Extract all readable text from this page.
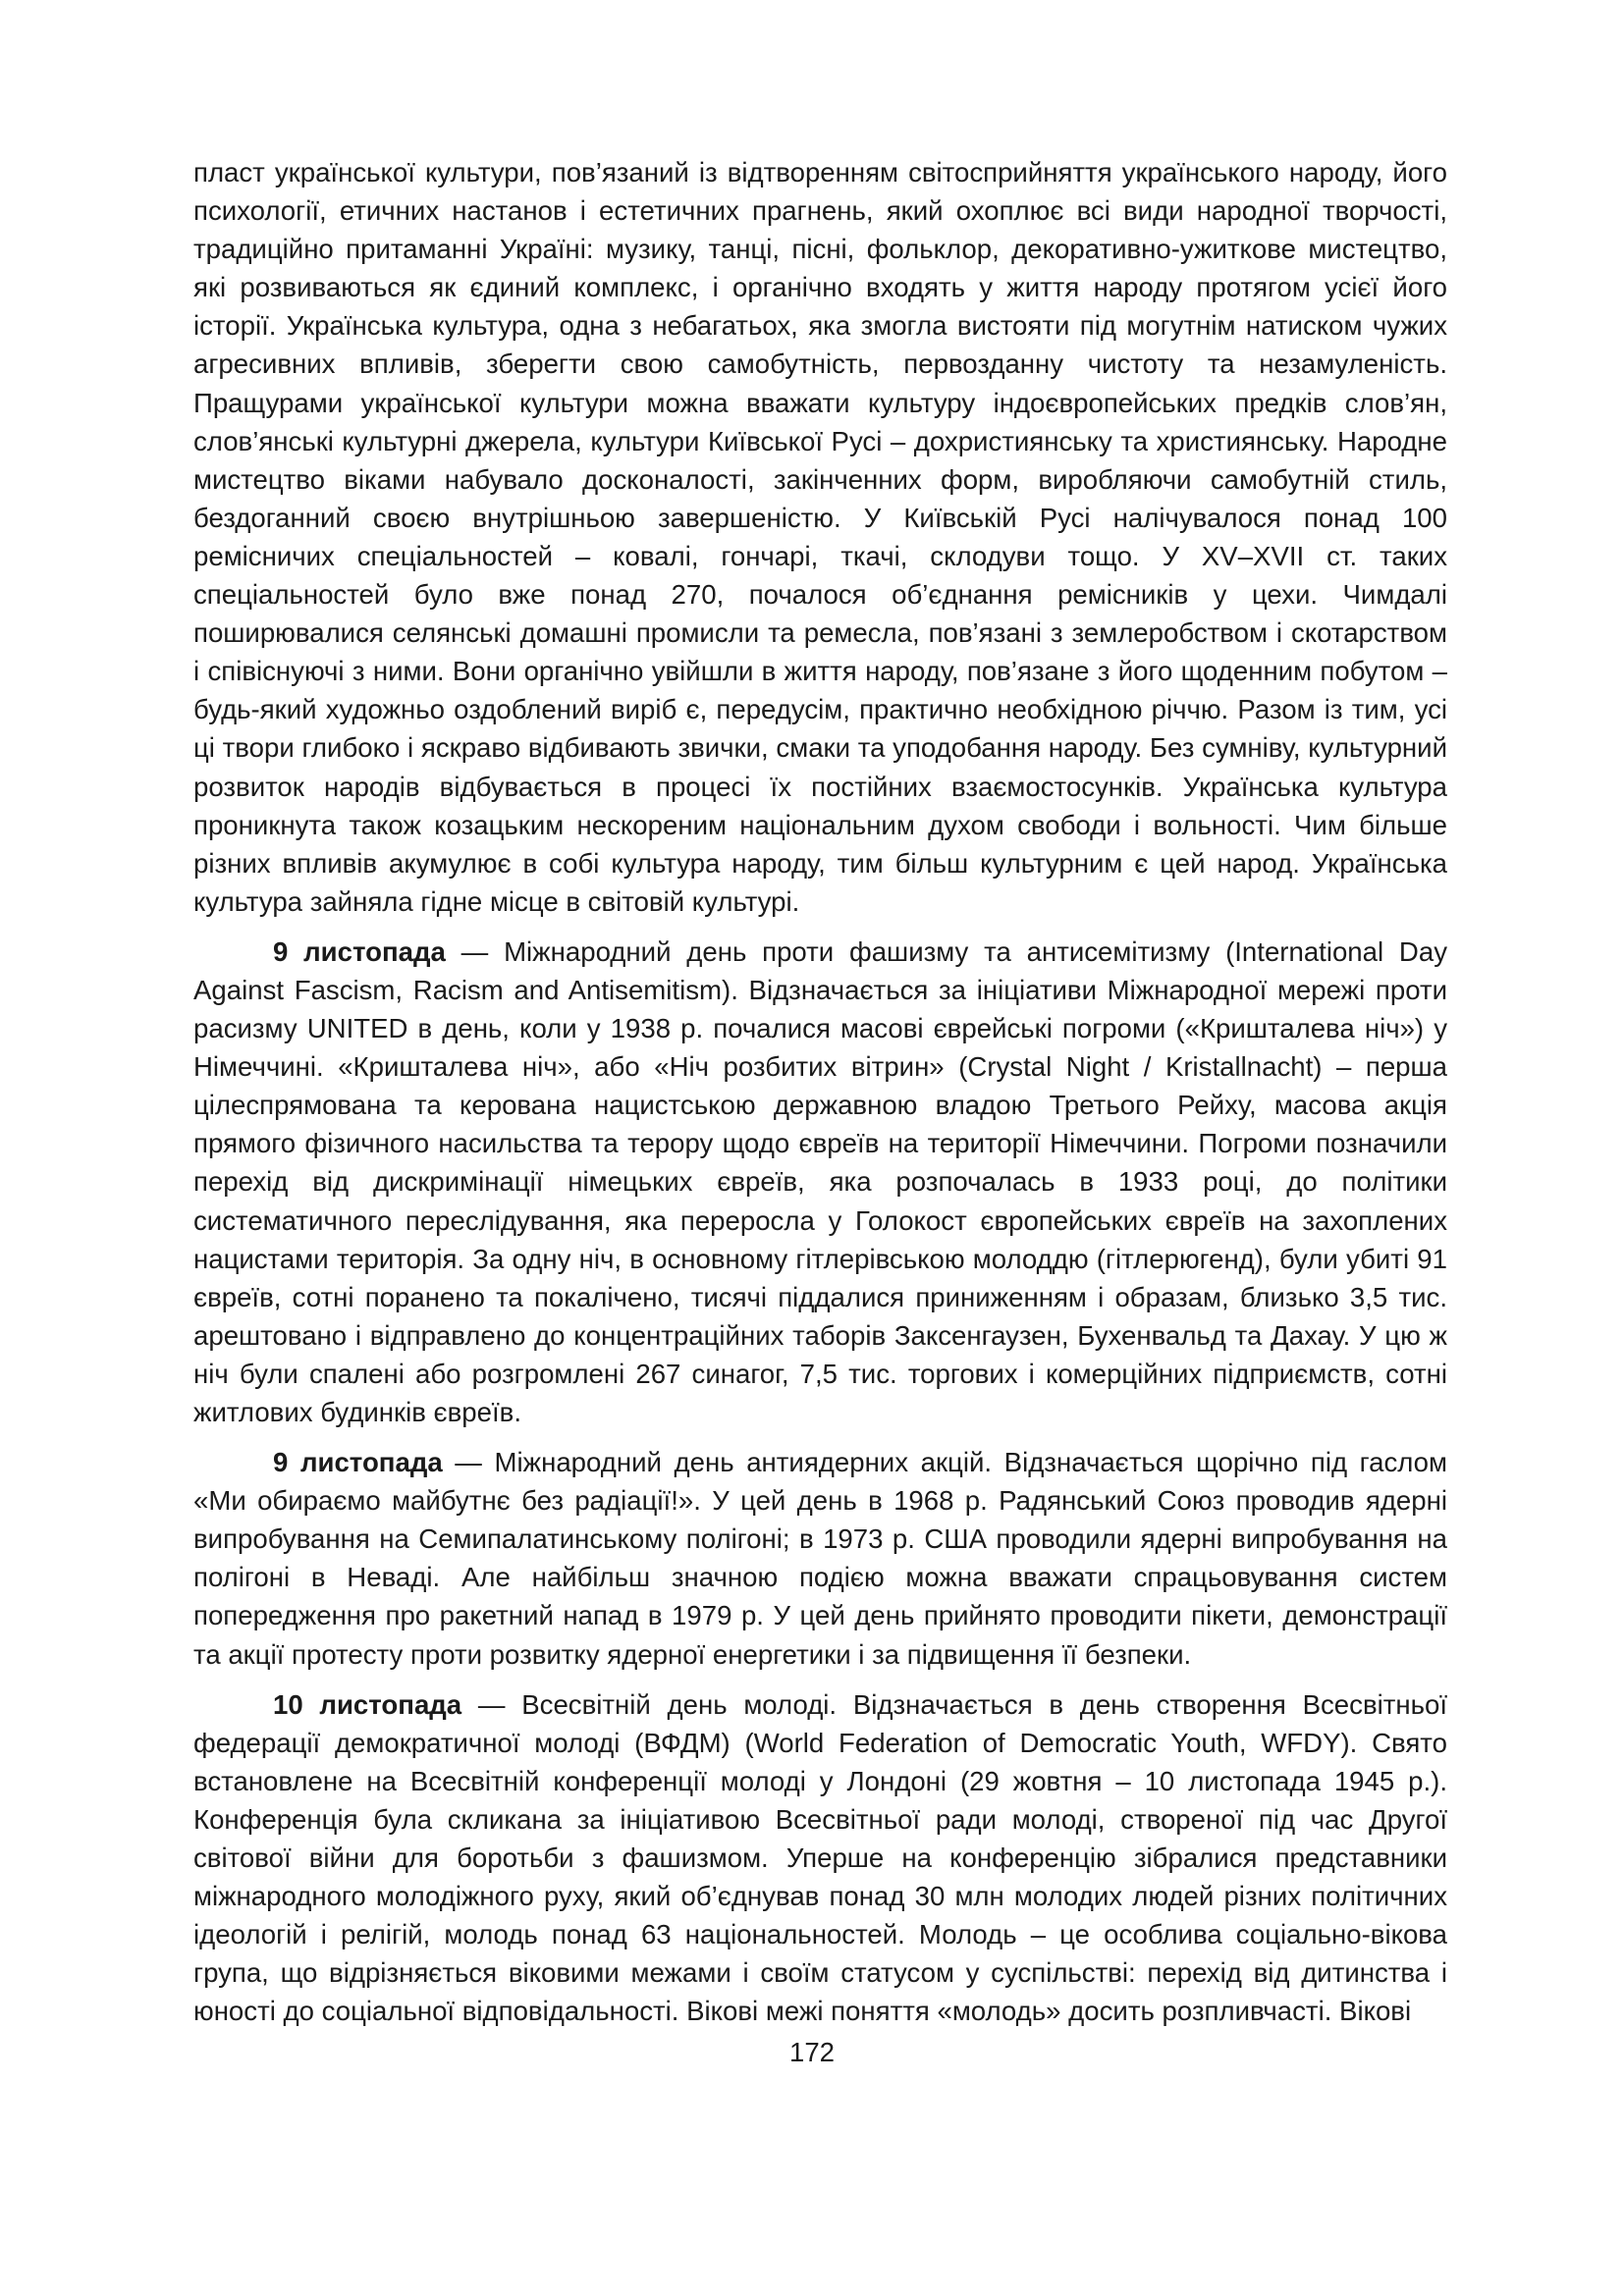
пласт української культури, пов’язаний із відтворенням світосприйняття українського народу, його психології, етичних настанов і естетичних прагнень, який охоплює всі види народної творчості, традиційно притаманні Україні: музику, танці, пісні, фольклор, декоративно-ужиткове мистецтво, які розвиваються як єдиний комплекс, і органічно входять у життя народу протягом усієї його історії. Українська культура, одна з небагатьох, яка змогла вистояти під могутнім натиском чужих агресивних впливів, зберегти свою самобутність, первозданну чистоту та незамуленість. Пращурами української культури можна вважати культуру індоєвропейських предків слов’ян, слов’янські культурні джерела, культури Київської Русі – дохристиянську та християнську. Народне мистецтво віками набувало досконалості, закінченних форм, виробляючи самобутній стиль, бездоганний своєю внутрішньою завершеністю. У Київській Русі налічувалося понад 100 ремісничих спеціальностей – ковалі, гончарі, ткачі, склодуви тощо. У XV–XVII ст. таких спеціальностей було вже понад 270, почалося об’єднання ремісників у цехи. Чимдалі поширювалися селянські домашні промисли та ремесла, пов’язані з землеробством і скотарством і співіснуючі з ними. Вони органічно увійшли в життя народу, пов’язане з його щоденним побутом – будь-який художньо оздоблений виріб є, передусім, практично необхідною річчю. Разом із тим, усі ці твори глибоко і яскраво відбивають звички, смаки та уподобання народу. Без сумніву, культурний розвиток народів відбувається в процесі їх постійних взаємостосунків. Українська культура проникнута також козацьким нескореним національним духом свободи і вольності. Чим більше різних впливів акумулює в собі культура народу, тим більш культурним є цей народ. Українська культура зайняла гідне місце в світовій культурі.

9 листопада — Міжнародний день проти фашизму та антисемітизму (International Day Against Fascism, Racism and Antisemitism). Відзначається за ініціативи Міжнародної мережі проти расизму UNITED в день, коли у 1938 р. почалися масові єврейські погроми («Кришталева ніч») у Німеччині. «Кришталева ніч», або «Ніч розбитих вітрин» (Crystal Night / Kristallnacht) – перша цілеспрямована та керована нацистською державною владою Третього Рейху, масова акція прямого фізичного насильства та терору щодо євреїв на території Німеччини. Погроми позначили перехід від дискримінації німецьких євреїв, яка розпочалась в 1933 році, до політики систематичного переслідування, яка переросла у Голокост європейських євреїв на захоплених нацистами територія. За одну ніч, в основному гітлерівською молоддю (гітлерюгенд), були убиті 91 євреїв, сотні поранено та покалічено, тисячі піддалися приниженням і образам, близько 3,5 тис. арештовано і відправлено до концентраційних таборів Заксенгаузен, Бухенвальд та Дахау. У цю ж ніч були спалені або розгромлені 267 синагог, 7,5 тис. торгових і комерційних підприємств, сотні житлових будинків євреїв.

9 листопада — Міжнародний день антиядерних акцій. Відзначається щорічно під гаслом «Ми обираємо майбутнє без радіації!». У цей день в 1968 р. Радянський Союз проводив ядерні випробування на Семипалатинському полігоні; в 1973 р. США проводили ядерні випробування на полігоні в Неваді. Але найбільш значною подією можна вважати спрацьовування систем попередження про ракетний напад в 1979 р. У цей день прийнято проводити пікети, демонстрації та акції протесту проти розвитку ядерної енергетики і за підвищення її безпеки.

10 листопада — Всесвітній день молоді. Відзначається в день створення Всесвітньої федерації демократичної молоді (ВФДМ) (World Federation of Democratic Youth, WFDY). Свято встановлене на Всесвітній конференції молоді у Лондоні (29 жовтня – 10 листопада 1945 р.). Конференція була скликана за ініціативою Всесвітньої ради молоді, створеної під час Другої світової війни для боротьби з фашизмом. Уперше на конференцію зібралися представники міжнародного молодіжного руху, який об’єднував понад 30 млн молодих людей різних політичних ідеологій і релігій, молодь понад 63 національностей. Молодь – це особлива соціально-вікова група, що відрізняється віковими межами і своїм статусом у суспільстві: перехід від дитинства і юності до соціальної відповідальності. Вікові межі поняття «молодь» досить розпливчасті. Вікові

172
